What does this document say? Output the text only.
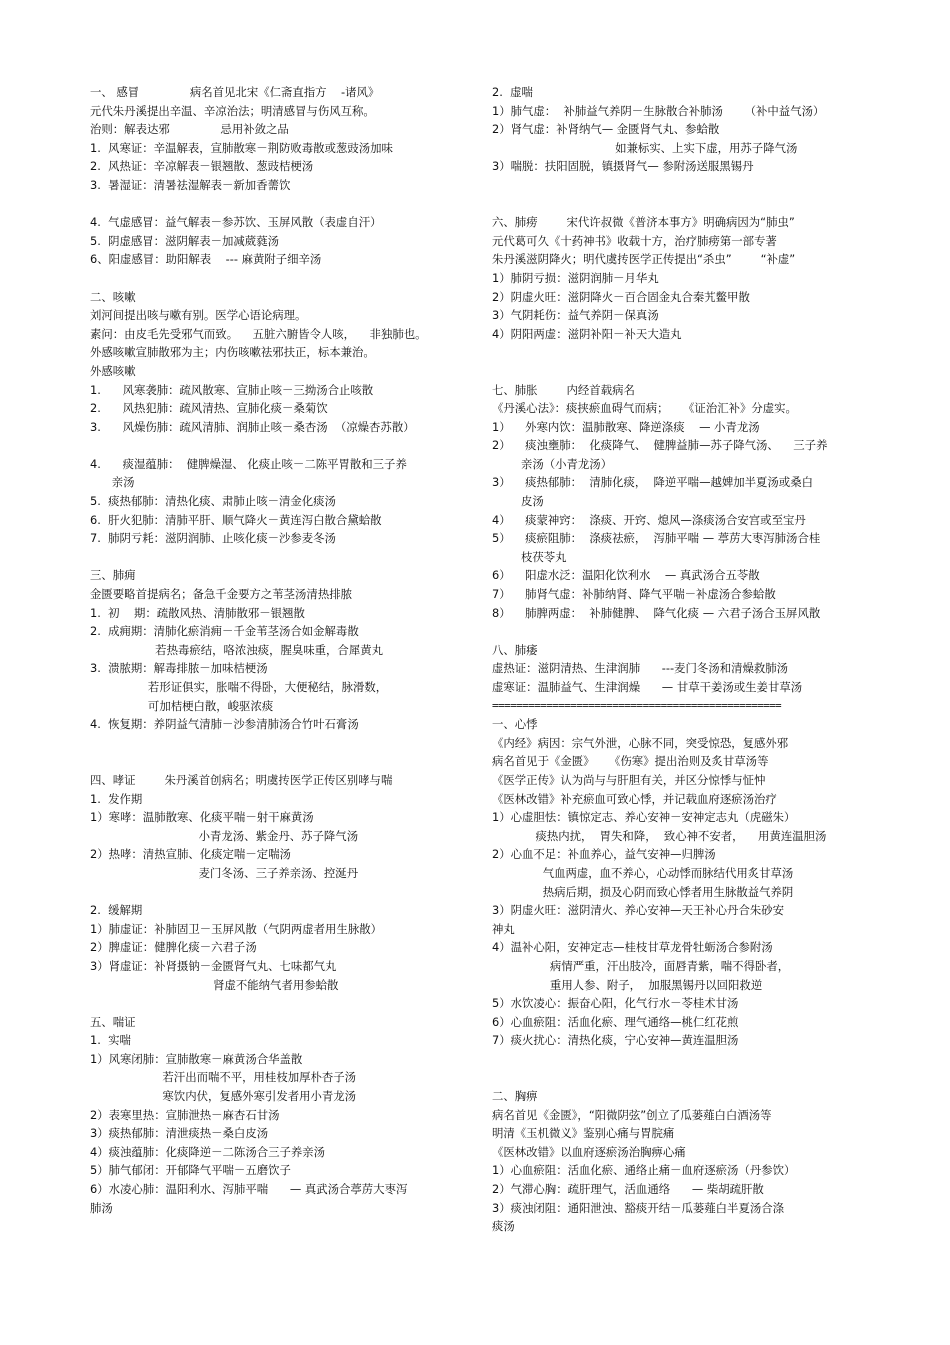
一、 感冒              病名首见北宋《仁斋直指方    -诸风》
元代朱丹溪提出辛温、辛凉治法；明清感冒与伤风互称。
治则：解表达邪              忌用补敛之品
1.  风寒证：辛温解表，宣肺散寒－荆防败毒散或葱豉汤加味
2.  风热证：辛凉解表－银翘散、葱豉桔梗汤
3.  暑湿证：清暑祛湿解表－新加香薷饮
4.  气虚感冒：益气解表－参苏饮、玉屏风散（表虚自汗）
5.  阴虚感冒：滋阴解表－加减葳蕤汤
6、阳虚感冒：助阳解表    --- 麻黄附子细辛汤
二、咳嗽
刘河间提出咳与嗽有别。医学心语论病理。
素问：由皮毛先受邪气而致。    五脏六腑皆令人咳，    非独肺也。
外感咳嗽宣肺散邪为主；内伤咳嗽祛邪扶正，标本兼治。
外感咳嗽
1.      风寒袭肺：疏风散寒、宣肺止咳－三拗汤合止咳散
2.      风热犯肺：疏风清热、宣肺化痰－桑菊饮
3.      风燥伤肺：疏风清肺、润肺止咳－桑杏汤  （凉燥杏苏散）
4.      痰湿蕴肺：  健脾燥湿、 化痰止咳－二陈平胃散和三子养
亲汤
5.  痰热郁肺：清热化痰、肃肺止咳－清金化痰汤
6.  肝火犯肺：清肺平肝、顺气降火－黄连泻白散合黛蛤散
7.  肺阴亏耗：滋阴润肺、止咳化痰－沙参麦冬汤
三、肺痈
金匮要略首提病名；备急千金要方之苇茎汤清热排脓
1.  初    期：疏散风热、清肺散邪－银翘散
2.  成痈期：清肺化瘀消痈－千金苇茎汤合如金解毒散
若热毒瘀结，咯浓浊痰，腥臭味重，合犀黄丸
3.  溃脓期：解毒排脓－加味桔梗汤
若形证俱实，胀喘不得卧，大便秘结，脉滑数，
可加桔梗白散，峻驱浓痰
4.  恢复期：养阴益气清肺－沙参清肺汤合竹叶石膏汤
四、哮证        朱丹溪首创病名；明虞抟医学正传区别哮与喘
1.  发作期
1）寒哮：温肺散寒、化痰平喘－射干麻黄汤
小青龙汤、紫金丹、苏子降气汤
2）热哮：清热宣肺、化痰定喘－定喘汤
麦门冬汤、三子养亲汤、控涎丹
2.  缓解期
1）肺虚证：补肺固卫－玉屏风散（气阴两虚者用生脉散）
2）脾虚证：健脾化痰－六君子汤
3）肾虚证：补肾摄钠－金匮肾气丸、七味都气丸
肾虚不能纳气者用参蛤散
五、喘证
1.  实喘
1）风寒闭肺：宣肺散寒－麻黄汤合华盖散
若汗出而喘不平，用桂枝加厚朴杏子汤
寒饮内伏，复感外寒引发者用小青龙汤
2）表寒里热：宣肺泄热－麻杏石甘汤
3）痰热郁肺：清泄痰热－桑白皮汤
4）痰浊蕴肺：化痰降逆－二陈汤合三子养亲汤
5）肺气郁闭：开郁降气平喘－五磨饮子
6）水凌心肺：温阳利水、泻肺平喘      — 真武汤合葶苈大枣泻
肺汤
2.  虚喘
1）肺气虚：  补肺益气养阴－生脉散合补肺汤      （补中益气汤）
2）肾气虚：补肾纳气— 金匮肾气丸、参蛤散
如兼标实、上实下虚，用苏子降气汤
3）喘脱：扶阳固脱，镇摄肾气— 参附汤送服黑锡丹
六、肺痨        宋代许叔微《普济本事方》明确病因为“肺虫”
元代葛可久《十药神书》收载十方，治疗肺痨第一部专著
朱丹溪滋阴降火；明代虞抟医学正传提出“杀虫”        “补虚”
1）肺阴亏损：滋阴润肺－月华丸
2）阴虚火旺：滋阴降火－百合固金丸合秦艽鳖甲散
3）气阴耗伤：益气养阴－保真汤
4）阴阳两虚：滋阴补阳－补天大造丸
七、肺胀        内经首载病名
《丹溪心法》：痰挟瘀血碍气而病；    《证治汇补》分虚实。
1）    外寒内饮：温肺散寒、降逆涤痰    — 小青龙汤
2）    痰浊壅肺：  化痰降气、  健脾益肺—苏子降气汤、    三子养
亲汤（小青龙汤）
3）    痰热郁肺：  清肺化痰，  降逆平喘—越婢加半夏汤或桑白
皮汤
4）    痰蒙神窍：  涤痰、开窍、熄风—涤痰汤合安宫或至宝丹
5）    痰瘀阻肺：  涤痰祛瘀，  泻肺平喘 — 葶苈大枣泻肺汤合桂
枝茯苓丸
6）    阳虚水泛：温阳化饮利水    — 真武汤合五苓散
7）    肺肾气虚：补肺纳肾、降气平喘－补虚汤合参蛤散
8）    肺脾两虚：  补肺健脾、  降气化痰 — 六君子汤合玉屏风散
八、肺痿
虚热证：滋阴清热、生津润肺      ---麦门冬汤和清燥救肺汤
虚寒证：温肺益气、生津润燥      — 甘草干姜汤或生姜甘草汤
================================================
一、心悸
《内经》病因：宗气外泄，心脉不同，突受惊恐，复感外邪
病名首见于《金匮》    《伤寒》提出治则及炙甘草汤等
《医学正传》认为尚与与肝胆有关，并区分惊悸与怔忡
《医林改错》补充瘀血可致心悸，并记载血府逐瘀汤治疗
1）心虚胆怯：镇惊定志、养心安神－安神定志丸（虎磁朱）
痰热内扰，  胃失和降，  致心神不安者，    用黄连温胆汤
2）心血不足：补血养心，益气安神—归脾汤
气血两虚，血不养心，心动悸而脉结代用炙甘草汤
热病后期，损及心阴而致心悸者用生脉散益气养阴
3）阴虚火旺：滋阴清火、养心安神—天王补心丹合朱砂安
神丸
4）温补心阳，安神定志—桂枝甘草龙骨牡蛎汤合参附汤
病情严重，汗出肢冷，面唇青紫，喘不得卧者，
重用人参、附子，  加服黑锡丹以回阳救逆
5）水饮凌心：振奋心阳，化气行水－苓桂术甘汤
6）心血瘀阻：活血化瘀、理气通络—桃仁红花煎
7）痰火扰心：清热化痰，宁心安神—黄连温胆汤
二、胸痹
病名首见《金匮》，“阳微阴弦”创立了瓜蒌薤白白酒汤等
明清《玉机微义》鉴别心痛与胃脘痛
《医林改错》以血府逐瘀汤治胸痹心痛
1）心血瘀阻：活血化瘀、通络止痛－血府逐瘀汤（丹参饮）
2）气滞心胸：疏肝理气，活血通络      — 柴胡疏肝散
3）痰浊闭阻：通阳泄浊、豁痰开结－瓜蒌薤白半夏汤合涤
痰汤
